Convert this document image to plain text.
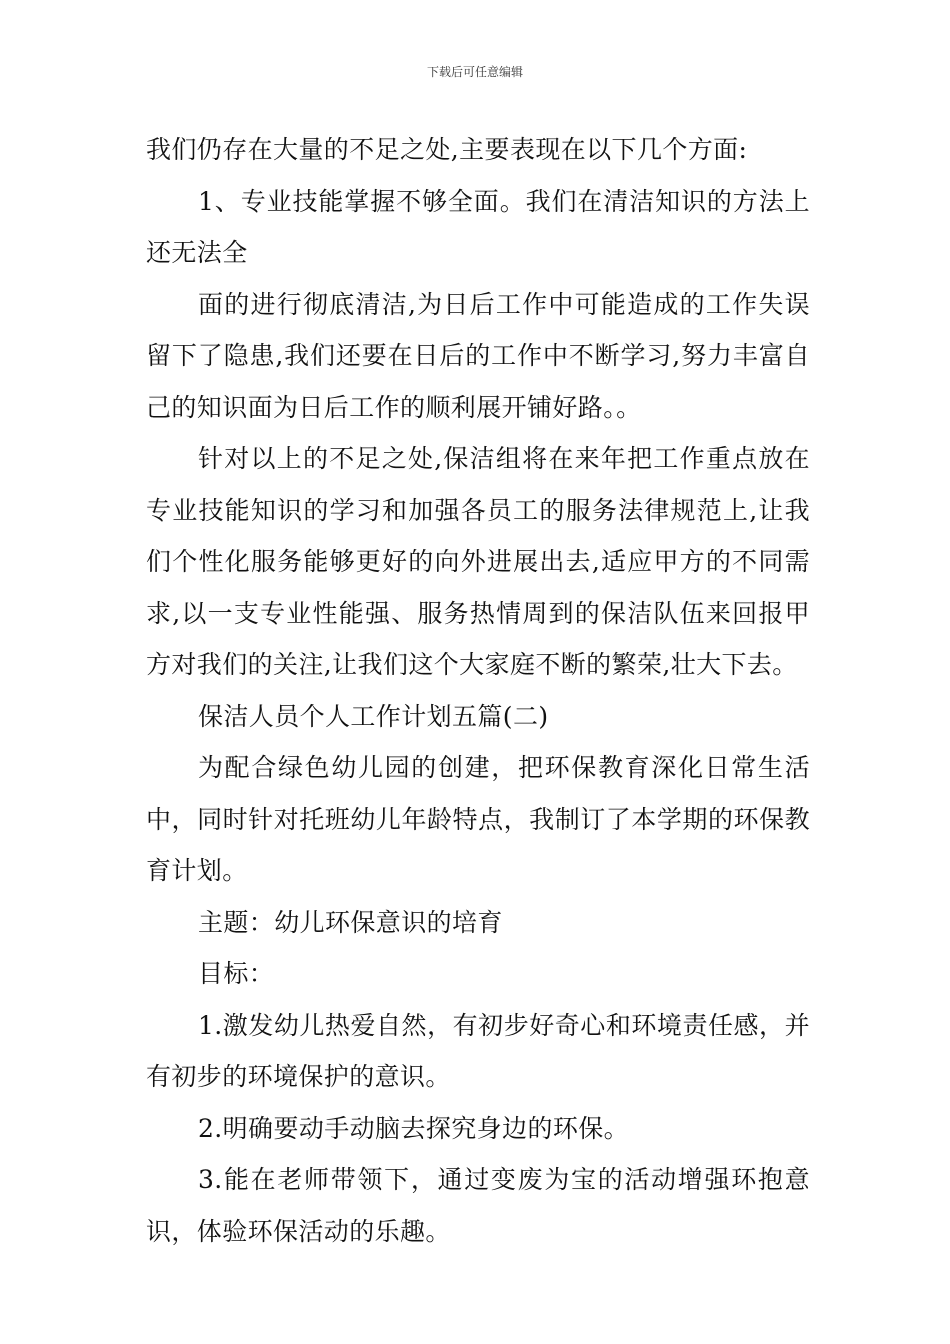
下载后可任意编辑

我们仍存在大量的不足之处,主要表现在以下几个方面:

1、专业技能掌握不够全面。我们在清洁知识的方法上还无法全

面的进行彻底清洁,为日后工作中可能造成的工作失误留下了隐患,我们还要在日后的工作中不断学习,努力丰富自己的知识面为日后工作的顺利展开铺好路。。

针对以上的不足之处,保洁组将在来年把工作重点放在专业技能知识的学习和加强各员工的服务法律规范上,让我们个性化服务能够更好的向外进展出去,适应甲方的不同需求,以一支专业性能强、服务热情周到的保洁队伍来回报甲方对我们的关注,让我们这个大家庭不断的繁荣,壮大下去。

保洁人员个人工作计划五篇(二)

为配合绿色幼儿园的创建，把环保教育深化日常生活中，同时针对托班幼儿年龄特点，我制订了本学期的环保教育计划。

主题：幼儿环保意识的培育

目标：

1.激发幼儿热爱自然，有初步好奇心和环境责任感，并有初步的环境保护的意识。

2.明确要动手动脑去探究身边的环保。

3.能在老师带领下，通过变废为宝的活动增强环抱意识，体验环保活动的乐趣。
